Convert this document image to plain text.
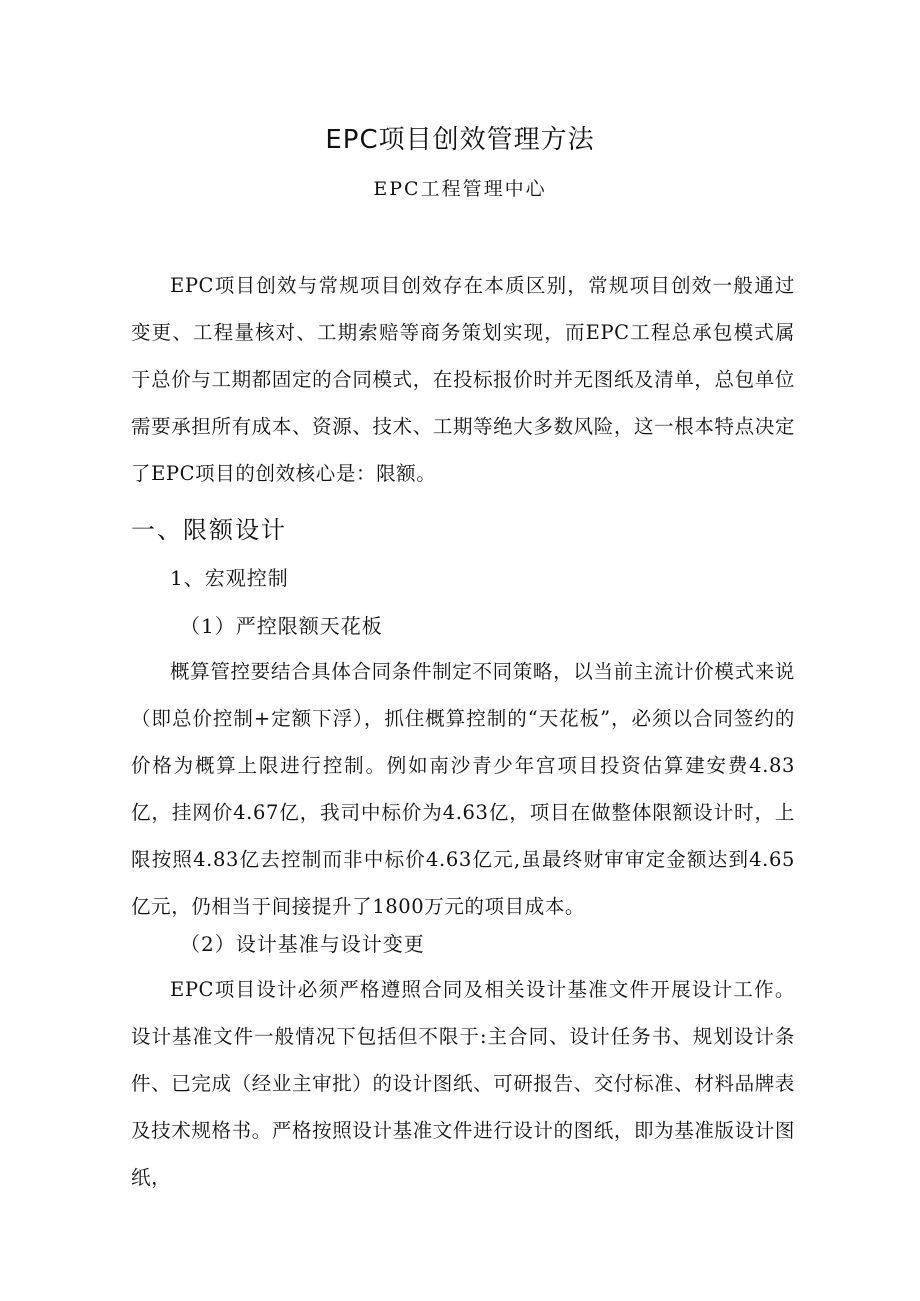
EPC项目创效管理方法
EPC工程管理中心

EPC项目创效与常规项目创效存在本质区别，常规项目创效一般通过变更、工程量核对、工期索赔等商务策划实现，而EPC工程总承包模式属于总价与工期都固定的合同模式，在投标报价时并无图纸及清单，总包单位需要承担所有成本、资源、技术、工期等绝大多数风险，这一根本特点决定了EPC项目的创效核心是：限额。

一、限额设计
1、宏观控制
（1）严控限额天花板

概算管控要结合具体合同条件制定不同策略，以当前主流计价模式来说（即总价控制+定额下浮），抓住概算控制的“天花板”，必须以合同签约的价格为概算上限进行控制。例如南沙青少年宫项目投资估算建安费4.83亿，挂网价4.67亿，我司中标价为4.63亿，项目在做整体限额设计时，上限按照4.83亿去控制而非中标价4.63亿元,虽最终财审审定金额达到4.65亿元，仍相当于间接提升了1800万元的项目成本。

（2）设计基准与设计变更

EPC项目设计必须严格遵照合同及相关设计基准文件开展设计工作。设计基准文件一般情况下包括但不限于:主合同、设计任务书、规划设计条件、已完成（经业主审批）的设计图纸、可研报告、交付标准、材料品牌表及技术规格书。严格按照设计基准文件进行设计的图纸，即为基准版设计图纸，
